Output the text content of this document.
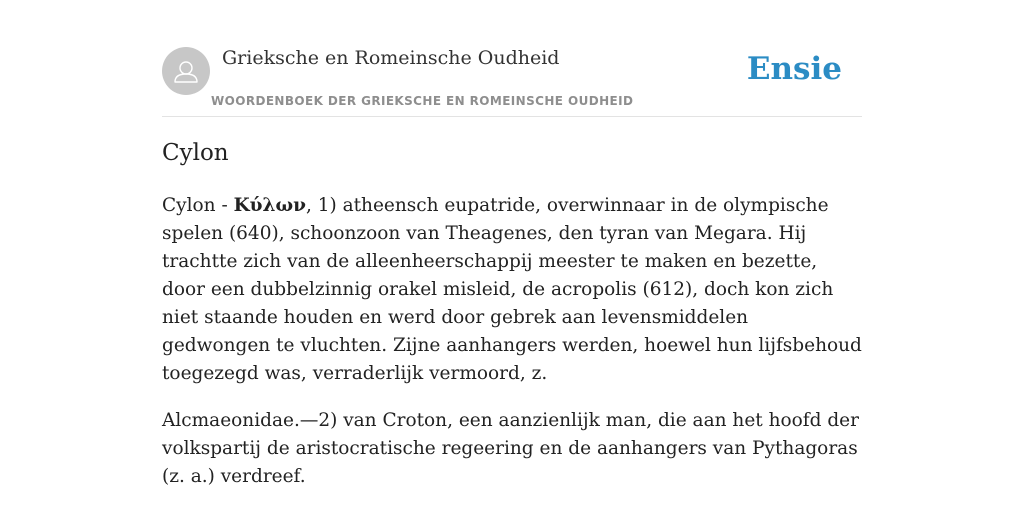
Grieksche en Romeinsche Oudheid
WOORDENBOEK DER GRIEKSCHE EN ROMEINSCHE OUDHEID
Ensie
Cylon

Cylon - Κύλων, 1) atheensch eupatride, overwinnaar in de olympische spelen (640), schoonzoon van Theagenes, den tyran van Megara. Hij trachtte zich van de alleenheerschappij meester te maken en bezette, door een dubbelzinnig orakel misleid, de acropolis (612), doch kon zich niet staande houden en werd door gebrek aan levensmiddelen gedwongen te vluchten. Zijne aanhangers werden, hoewel hun lijfsbehoud toegezegd was, verraderlijk vermoord, z.

Alcmaeonidae.—2) van Croton, een aanzienlijk man, die aan het hoofd der volkspartij de aristocratische regeering en de aanhangers van Pythagoras (z. a.) verdreef.
